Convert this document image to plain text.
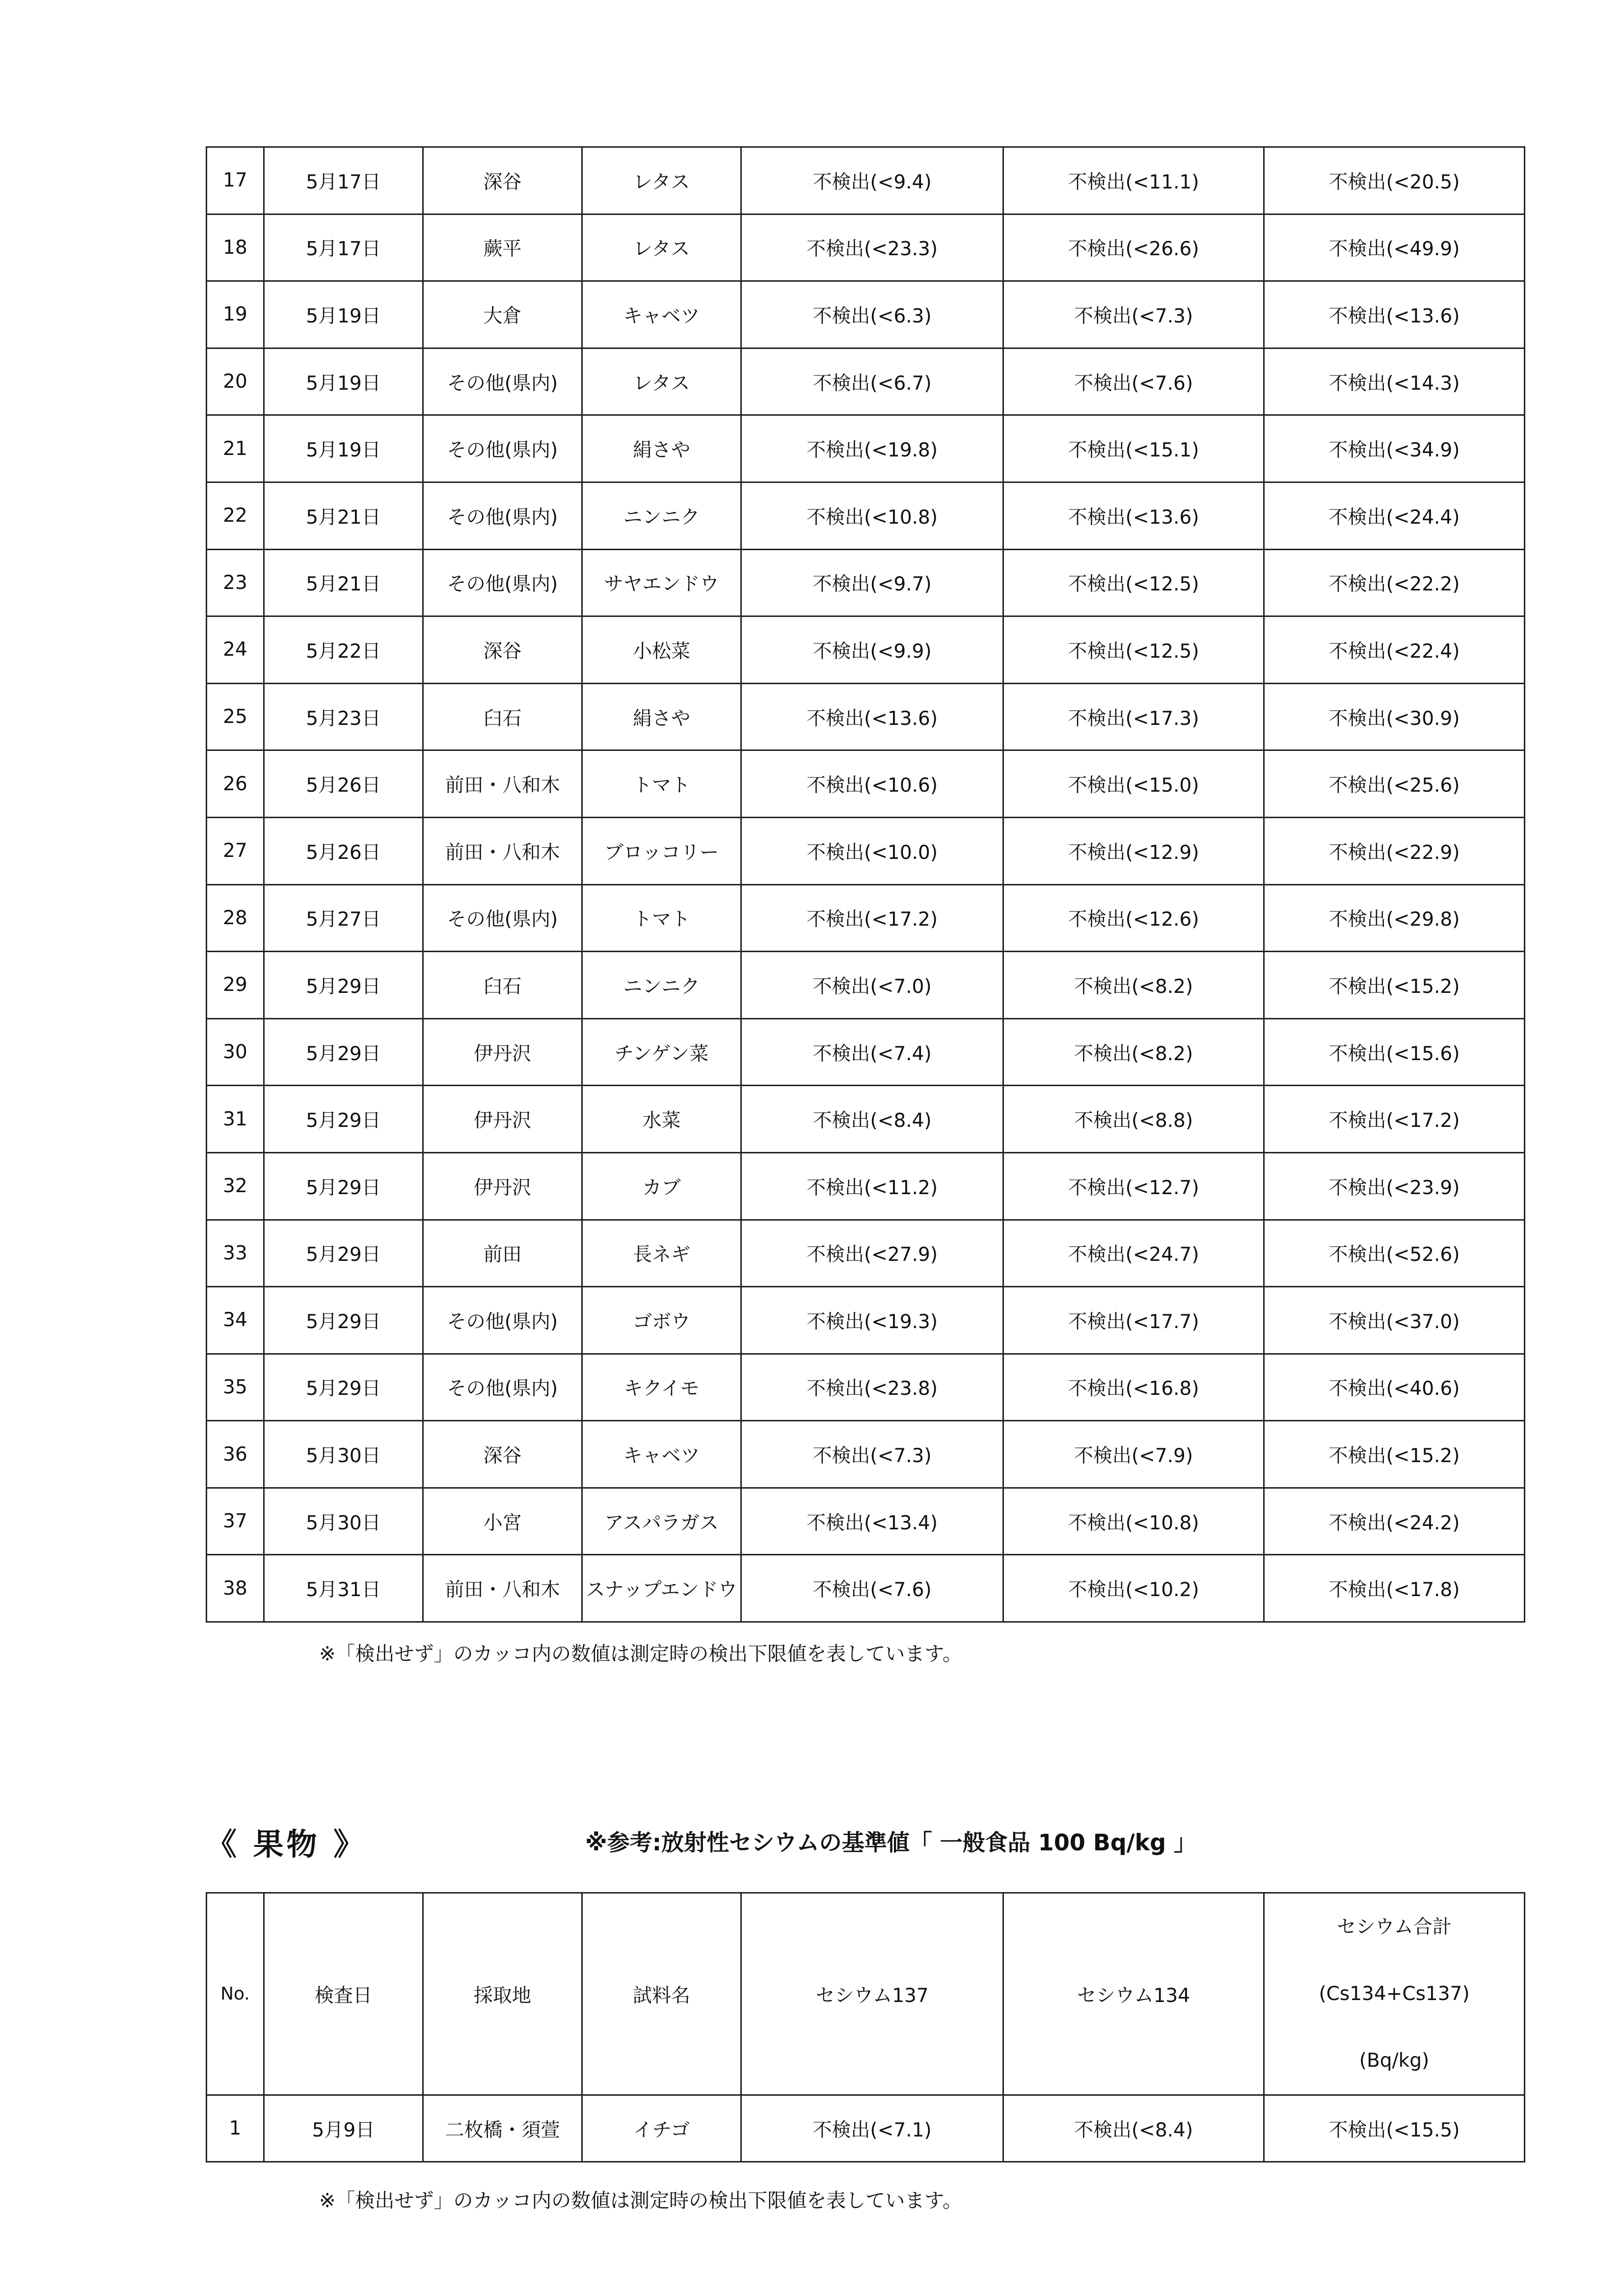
17	5月17日	深谷	レタス	不検出(<9.4)	不検出(<11.1)	不検出(<20.5)
18	5月17日	蕨平	レタス	不検出(<23.3)	不検出(<26.6)	不検出(<49.9)
19	5月19日	大倉	キャベツ	不検出(<6.3)	不検出(<7.3)	不検出(<13.6)
20	5月19日	その他(県内)	レタス	不検出(<6.7)	不検出(<7.6)	不検出(<14.3)
21	5月19日	その他(県内)	絹さや	不検出(<19.8)	不検出(<15.1)	不検出(<34.9)
22	5月21日	その他(県内)	ニンニク	不検出(<10.8)	不検出(<13.6)	不検出(<24.4)
23	5月21日	その他(県内)	サヤエンドウ	不検出(<9.7)	不検出(<12.5)	不検出(<22.2)
24	5月22日	深谷	小松菜	不検出(<9.9)	不検出(<12.5)	不検出(<22.4)
25	5月23日	臼石	絹さや	不検出(<13.6)	不検出(<17.3)	不検出(<30.9)
26	5月26日	前田・八和木	トマト	不検出(<10.6)	不検出(<15.0)	不検出(<25.6)
27	5月26日	前田・八和木	ブロッコリー	不検出(<10.0)	不検出(<12.9)	不検出(<22.9)
28	5月27日	その他(県内)	トマト	不検出(<17.2)	不検出(<12.6)	不検出(<29.8)
29	5月29日	臼石	ニンニク	不検出(<7.0)	不検出(<8.2)	不検出(<15.2)
30	5月29日	伊丹沢	チンゲン菜	不検出(<7.4)	不検出(<8.2)	不検出(<15.6)
31	5月29日	伊丹沢	水菜	不検出(<8.4)	不検出(<8.8)	不検出(<17.2)
32	5月29日	伊丹沢	カブ	不検出(<11.2)	不検出(<12.7)	不検出(<23.9)
33	5月29日	前田	長ネギ	不検出(<27.9)	不検出(<24.7)	不検出(<52.6)
34	5月29日	その他(県内)	ゴボウ	不検出(<19.3)	不検出(<17.7)	不検出(<37.0)
35	5月29日	その他(県内)	キクイモ	不検出(<23.8)	不検出(<16.8)	不検出(<40.6)
36	5月30日	深谷	キャベツ	不検出(<7.3)	不検出(<7.9)	不検出(<15.2)
37	5月30日	小宮	アスパラガス	不検出(<13.4)	不検出(<10.8)	不検出(<24.2)
38	5月31日	前田・八和木	スナップエンドウ	不検出(<7.6)	不検出(<10.2)	不検出(<17.8)
※「検出せず」のカッコ内の数値は測定時の検出下限値を表しています。
《 果物 》	※参考:放射性セシウムの基準値「 一般食品 100 Bq/kg 」
No.	検査日	採取地	試料名	セシウム137	セシウム134	セシウム合計
(Cs134+Cs137)
(Bq/kg)

1	5月9日	二枚橋・須萱	イチゴ	不検出(<7.1)	不検出(<8.4)	不検出(<15.5)
※「検出せず」のカッコ内の数値は測定時の検出下限値を表しています。
